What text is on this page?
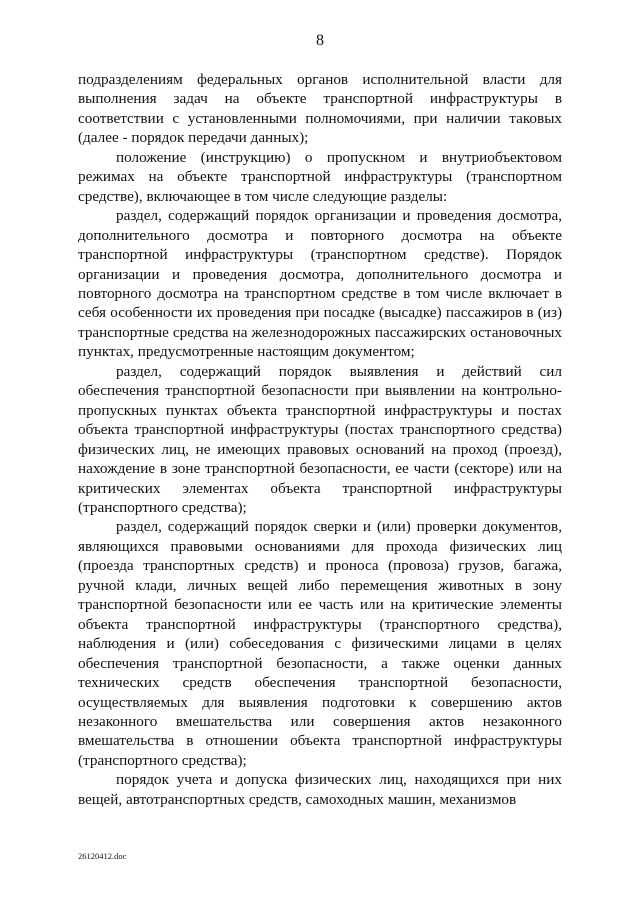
8

подразделениям федеральных органов исполнительной власти для выполнения задач на объекте транспортной инфраструктуры в соответствии с установленными полномочиями, при наличии таковых (далее - порядок передачи данных);

положение (инструкцию) о пропускном и внутриобъектовом режимах на объекте транспортной инфраструктуры (транспортном средстве), включающее в том числе следующие разделы:

раздел, содержащий порядок организации и проведения досмотра, дополнительного досмотра и повторного досмотра на объекте транспортной инфраструктуры (транспортном средстве). Порядок организации и проведения досмотра, дополнительного досмотра и повторного досмотра на транспортном средстве в том числе включает в себя особенности их проведения при посадке (высадке) пассажиров в (из) транспортные средства на железнодорожных пассажирских остановочных пунктах, предусмотренные настоящим документом;

раздел, содержащий порядок выявления и действий сил обеспечения транспортной безопасности при выявлении на контрольно-пропускных пунктах объекта транспортной инфраструктуры и постах объекта транспортной инфраструктуры (постах транспортного средства) физических лиц, не имеющих правовых оснований на проход (проезд), нахождение в зоне транспортной безопасности, ее части (секторе) или на критических элементах объекта транспортной инфраструктуры (транспортного средства);

раздел, содержащий порядок сверки и (или) проверки документов, являющихся правовыми основаниями для прохода физических лиц (проезда транспортных средств) и проноса (провоза) грузов, багажа, ручной клади, личных вещей либо перемещения животных в зону транспортной безопасности или ее часть или на критические элементы объекта транспортной инфраструктуры (транспортного средства), наблюдения и (или) собеседования с физическими лицами в целях обеспечения транспортной безопасности, а также оценки данных технических средств обеспечения транспортной безопасности, осуществляемых для выявления подготовки к совершению актов незаконного вмешательства или совершения актов незаконного вмешательства в отношении объекта транспортной инфраструктуры (транспортного средства);

порядок учета и допуска физических лиц, находящихся при них вещей, автотранспортных средств, самоходных машин, механизмов

26120412.doc
